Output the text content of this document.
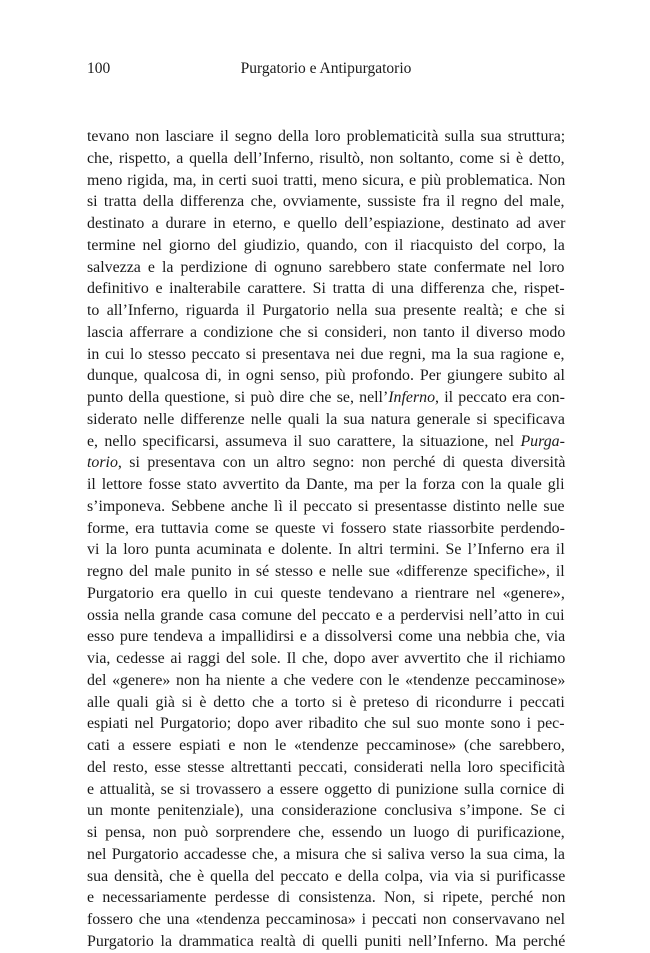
100	Purgatorio e Antipurgatorio
tevano non lasciare il segno della loro problematicità sulla sua struttura;
che, rispetto, a quella dell’Inferno, risultò, non soltanto, come si è detto,
meno rigida, ma, in certi suoi tratti, meno sicura, e più problematica. Non
si tratta della differenza che, ovviamente, sussiste fra il regno del male,
destinato a durare in eterno, e quello dell’espiazione, destinato ad aver
termine nel giorno del giudizio, quando, con il riacquisto del corpo, la
salvezza e la perdizione di ognuno sarebbero state confermate nel loro
definitivo e inalterabile carattere. Si tratta di una differenza che, rispet-
to all’Inferno, riguarda il Purgatorio nella sua presente realtà; e che si
lascia afferrare a condizione che si consideri, non tanto il diverso modo
in cui lo stesso peccato si presentava nei due regni, ma la sua ragione e,
dunque, qualcosa di, in ogni senso, più profondo. Per giungere subito al
punto della questione, si può dire che se, nell’Inferno, il peccato era con-
siderato nelle differenze nelle quali la sua natura generale si specificava
e, nello specificarsi, assumeva il suo carattere, la situazione, nel Purga-
torio, si presentava con un altro segno: non perché di questa diversità
il lettore fosse stato avvertito da Dante, ma per la forza con la quale gli
s’imponeva. Sebbene anche lì il peccato si presentasse distinto nelle sue
forme, era tuttavia come se queste vi fossero state riassorbite perdendo-
vi la loro punta acuminata e dolente. In altri termini. Se l’Inferno era il
regno del male punito in sé stesso e nelle sue «differenze specifiche», il
Purgatorio era quello in cui queste tendevano a rientrare nel «genere»,
ossia nella grande casa comune del peccato e a perdervisi nell’atto in cui
esso pure tendeva a impallidirsi e a dissolversi come una nebbia che, via
via, cedesse ai raggi del sole. Il che, dopo aver avvertito che il richiamo
del «genere» non ha niente a che vedere con le «tendenze peccaminose»
alle quali già si è detto che a torto si è preteso di ricondurre i peccati
espiati nel Purgatorio; dopo aver ribadito che sul suo monte sono i pec-
cati a essere espiati e non le «tendenze peccaminose» (che sarebbero,
del resto, esse stesse altrettanti peccati, considerati nella loro specificità
e attualità, se si trovassero a essere oggetto di punizione sulla cornice di
un monte penitenziale), una considerazione conclusiva s’impone. Se ci
si pensa, non può sorprendere che, essendo un luogo di purificazione,
nel Purgatorio accadesse che, a misura che si saliva verso la sua cima, la
sua densità, che è quella del peccato e della colpa, via via si purificasse
e necessariamente perdesse di consistenza. Non, si ripete, perché non
fossero che una «tendenza peccaminosa» i peccati non conservavano nel
Purgatorio la drammatica realtà di quelli puniti nell’Inferno. Ma perché
